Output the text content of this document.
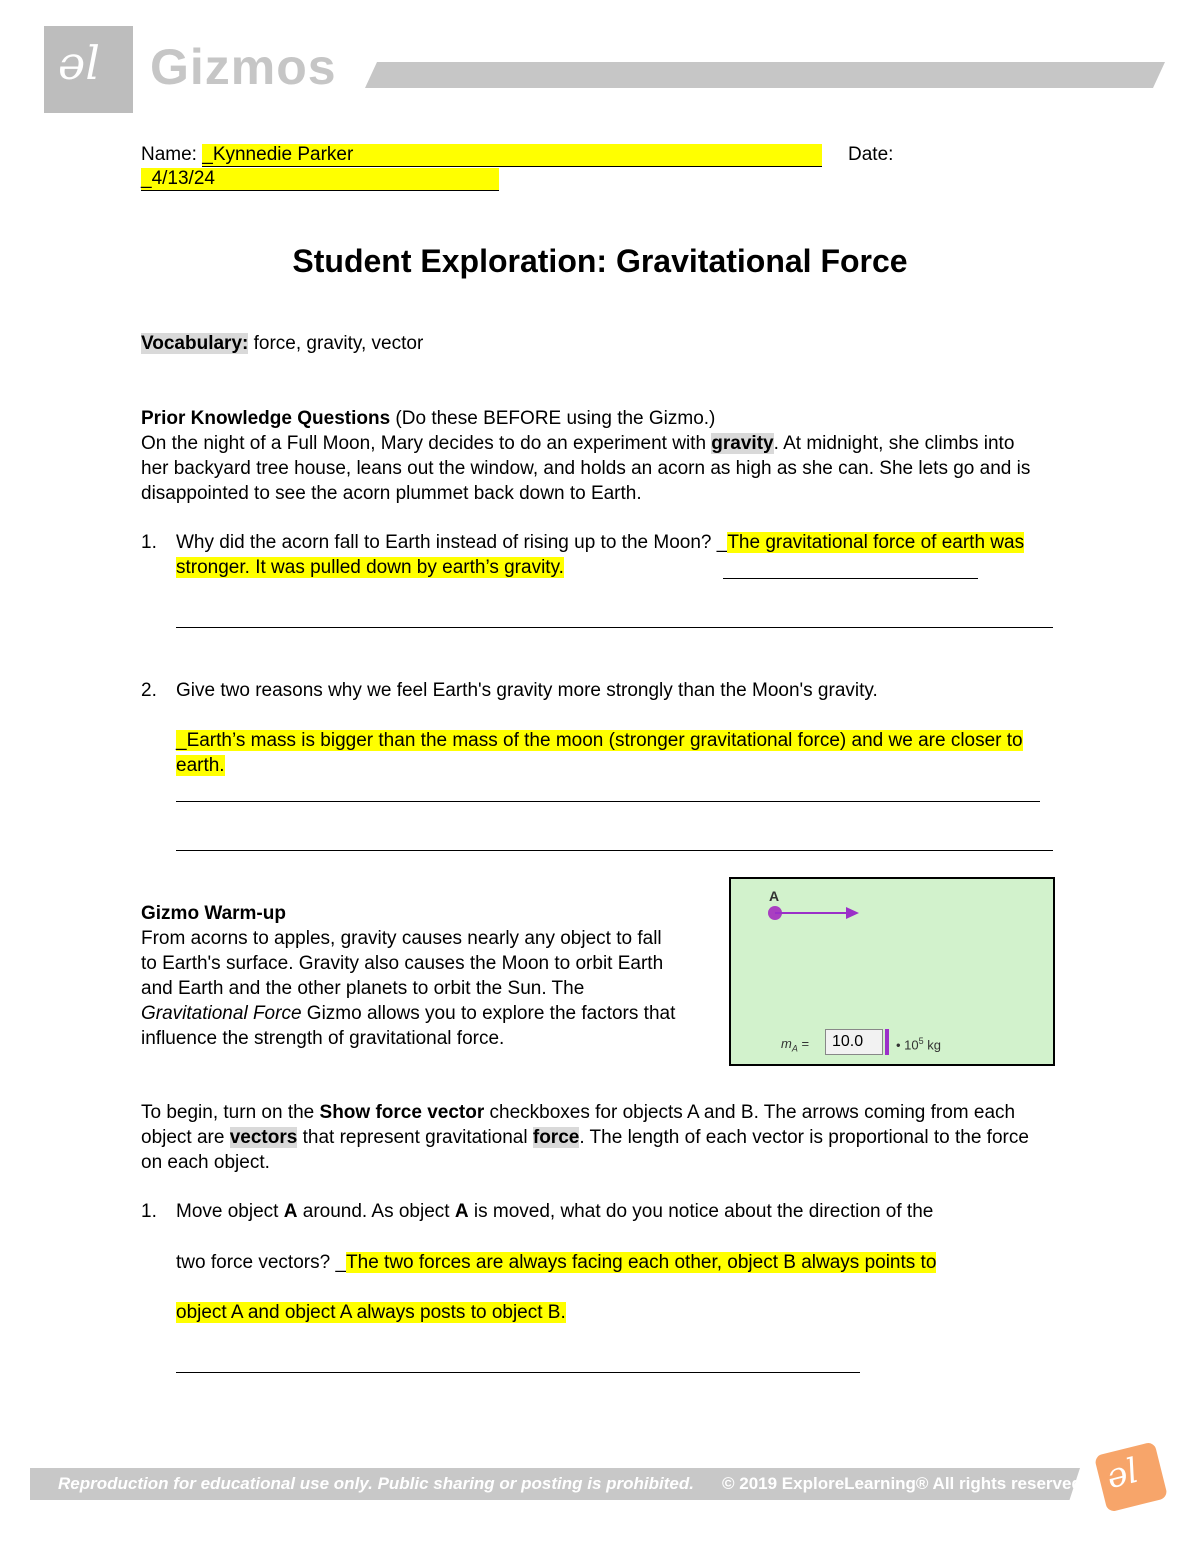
əl Gizmos
Name: _Kynnedie Parker	Date:
_4/13/24
Student Exploration: Gravitational Force
Vocabulary: force, gravity, vector
Prior Knowledge Questions (Do these BEFORE using the Gizmo.)
On the night of a Full Moon, Mary decides to do an experiment with gravity. At midnight, she climbs into her backyard tree house, leans out the window, and holds an acorn as high as she can. She lets go and is disappointed to see the acorn plummet back down to Earth.
1. Why did the acorn fall to Earth instead of rising up to the Moon? _The gravitational force of earth was stronger. It was pulled down by earth’s gravity.
2. Give two reasons why we feel Earth's gravity more strongly than the Moon's gravity.
_Earth’s mass is bigger than the mass of the moon (stronger gravitational force) and we are closer to earth.
Gizmo Warm-up
From acorns to apples, gravity causes nearly any object to fall to Earth's surface. Gravity also causes the Moon to orbit Earth and Earth and the other planets to orbit the Sun. The Gravitational Force Gizmo allows you to explore the factors that influence the strength of gravitational force.
A
$m_A$ =	10.0	• $10^5$ kg
To begin, turn on the Show force vector checkboxes for objects A and B. The arrows coming from each object are vectors that represent gravitational force. The length of each vector is proportional to the force on each object.
1. Move object A around. As object A is moved, what do you notice about the direction of the
two force vectors? _The two forces are always facing each other, object B always points to
object A and object A always posts to object B.
Reproduction for educational use only. Public sharing or posting is prohibited. © 2019 ExploreLearning® All rights reserved əl
